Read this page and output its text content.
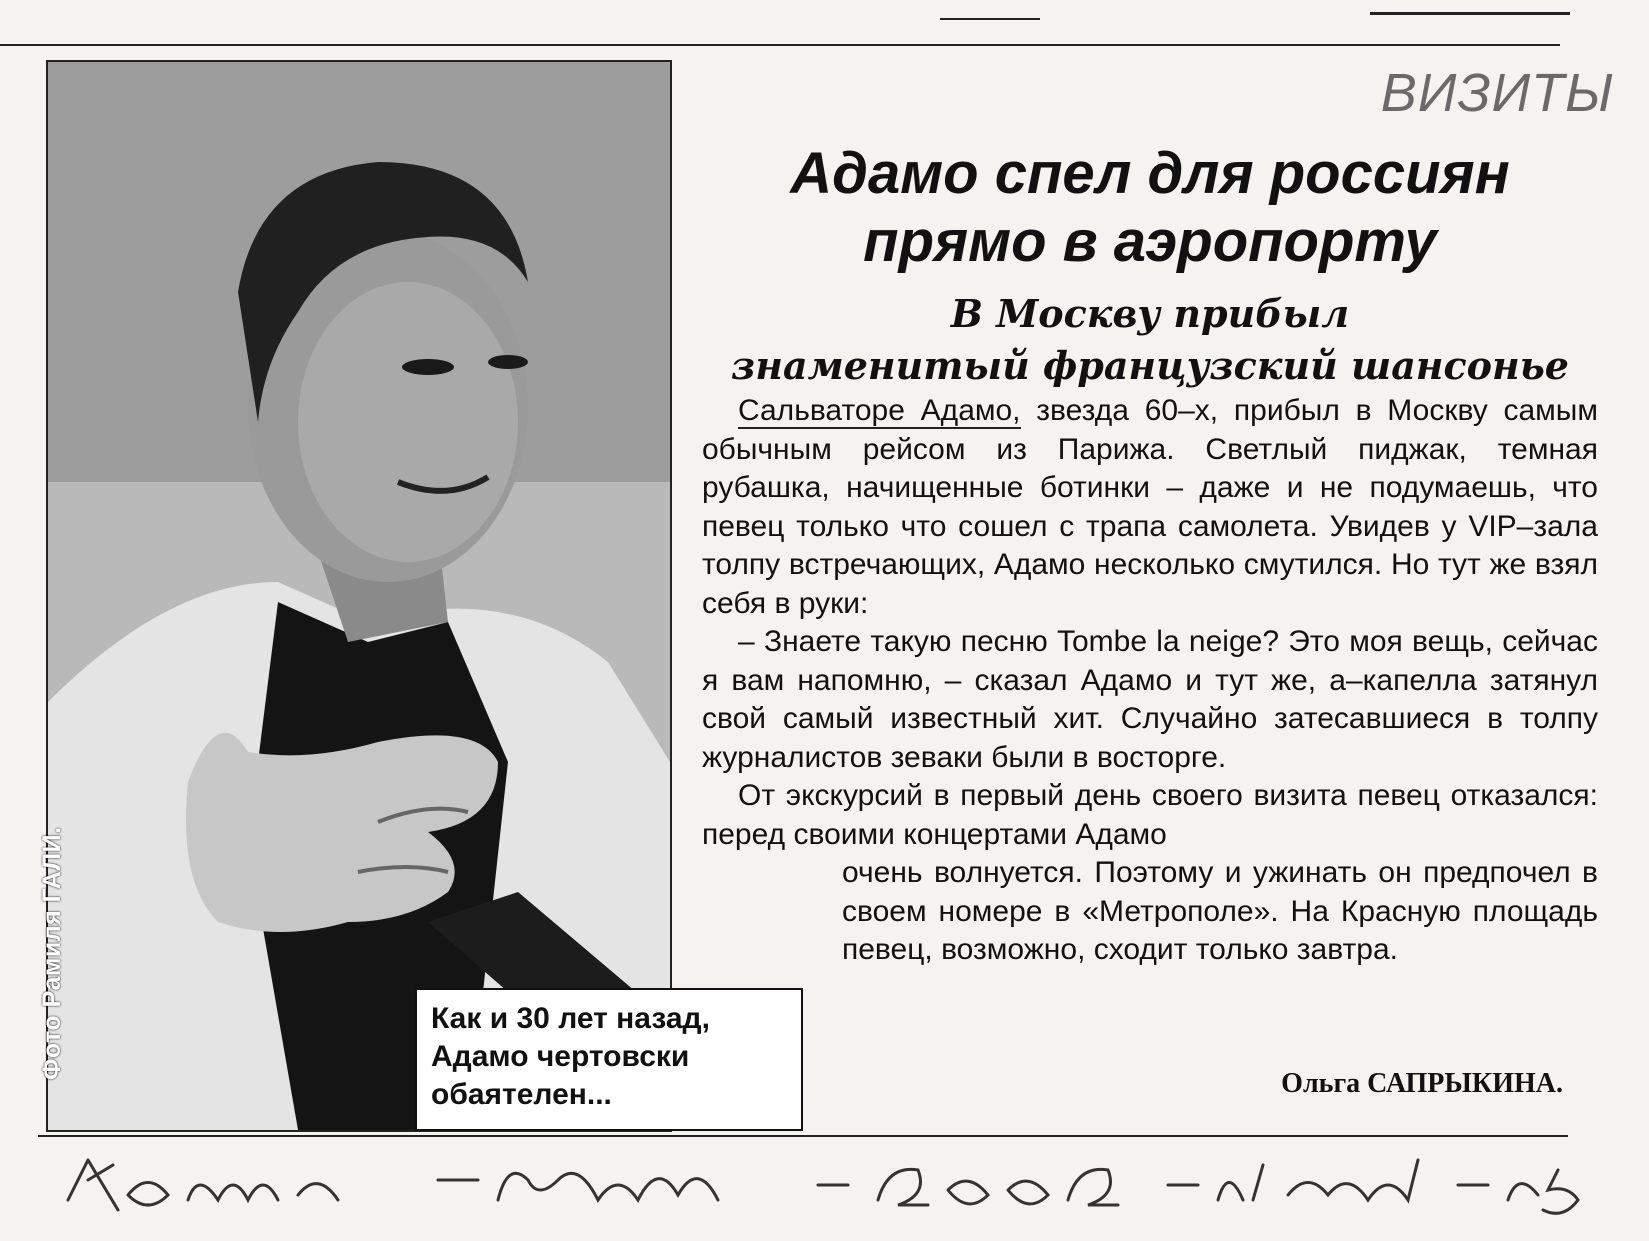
Фото Рамиля ГАЛИ.	Как и 30 лет назад,

Адамо чертовски

обаятелен...

ВИЗИТЫ
Адамо спел для россиян
прямо в аэропорту
В Москву прибыл
знаменитый французский шансонье

Сальваторе Адамо, звезда 60–х, прибыл в Москву самым обычным рейсом из Парижа. Светлый пиджак, темная рубашка, начищенные ботинки – даже и не подумаешь, что певец только что сошел с трапа самолета. Увидев у VIP–зала толпу встречающих, Адамо несколько смутился. Но тут же взял себя в руки:

– Знаете такую песню Tombe la neige? Это моя вещь, сейчас я вам напомню, – сказал Адамо и тут же, а–капелла затянул свой самый известный хит. Случайно затесавшиеся в толпу журналистов зеваки были в восторге.

От экскурсий в первый день своего визита певец отказался: перед своими концертами Адамо

очень волнуется. Поэтому и ужинать он предпочел в своем номере в «Метрополе». На Красную площадь певец, возможно, сходит только завтра.

Ольга САПРЫКИНА.
